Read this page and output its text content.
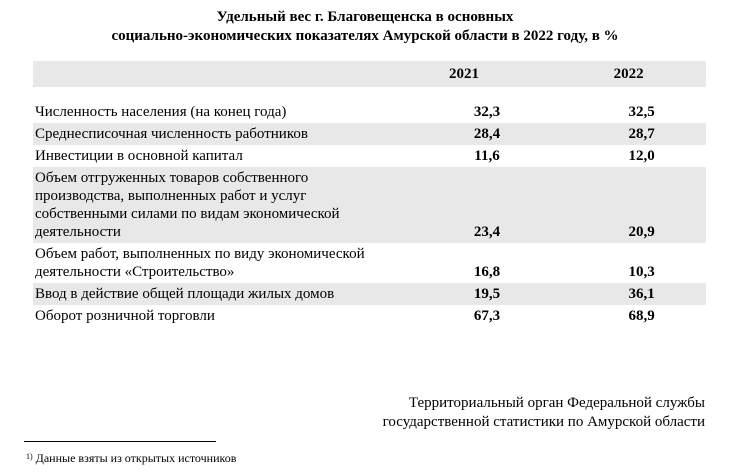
Удельный вес г. Благовещенска в основных
социально-экономических показателях Амурской области в 2022 году, в %
	2021	2022

Численность населения (на конец года)	32,3	32,5
Среднесписочная численность работников	28,4	28,7
Инвестиции в основной капитал	11,6	12,0
Объем отгруженных товаров собственного производства, выполненных работ и услуг собственными силами по видам экономической деятельности	23,4	20,9
Объем работ, выполненных по виду экономической деятельности «Строительство»	16,8	10,3
Ввод в действие общей площади жилых домов	19,5	36,1
Оборот розничной торговли	67,3	68,9
Территориальный орган Федеральной службы
государственной статистики по Амурской области
$^{1)}$ Данные взяты из открытых источников
